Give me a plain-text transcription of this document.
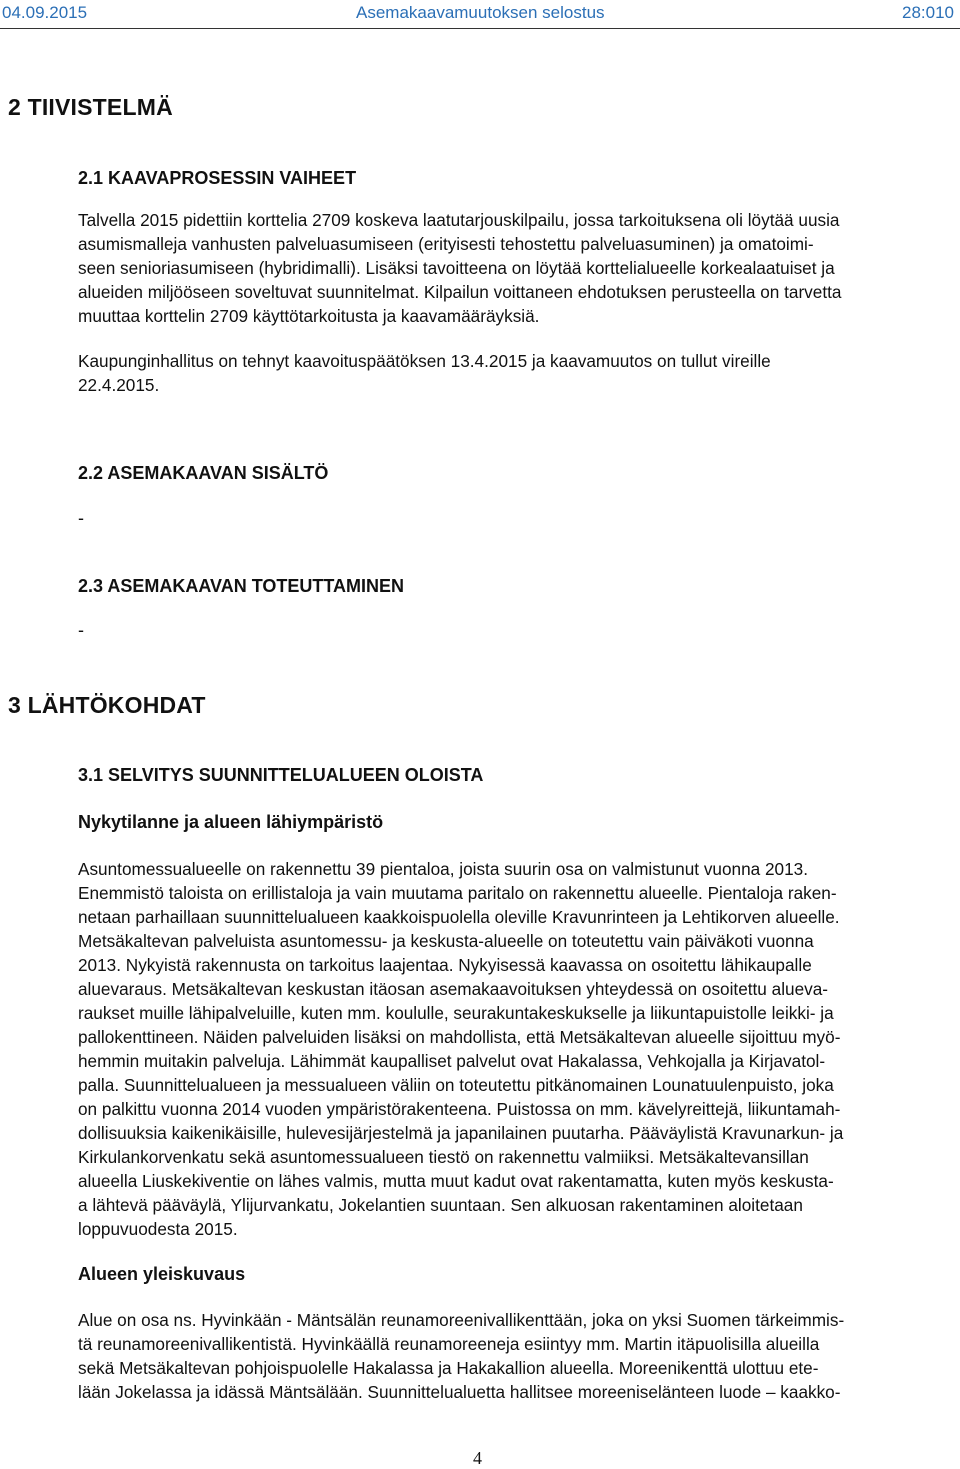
04.09.2015	Asemakaavamuutoksen selostus	28:010
2 TIIVISTELMÄ
2.1 KAAVAPROSESSIN VAIHEET
Talvella 2015 pidettiin korttelia 2709 koskeva laatutarjouskilpailu, jossa tarkoituksena oli löytää uusia
asumismalleja vanhusten palveluasumiseen (erityisesti tehostettu palveluasuminen) ja omatoimi-
seen senioriasumiseen (hybridimalli). Lisäksi tavoitteena on löytää korttelialueelle korkealaatuiset ja
alueiden miljööseen soveltuvat suunnitelmat. Kilpailun voittaneen ehdotuksen perusteella on tarvetta
muuttaa korttelin 2709 käyttötarkoitusta ja kaavamääräyksiä.
Kaupunginhallitus on tehnyt kaavoituspäätöksen 13.4.2015 ja kaavamuutos on tullut vireille
22.4.2015.
2.2 ASEMAKAAVAN SISÄLTÖ
-
2.3 ASEMAKAAVAN TOTEUTTAMINEN
-
3 LÄHTÖKOHDAT
3.1 SELVITYS SUUNNITTELUALUEEN OLOISTA
Nykytilanne ja alueen lähiympäristö
Asuntomessualueelle on rakennettu 39 pientaloa, joista suurin osa on valmistunut vuonna 2013.
Enemmistö taloista on erillistaloja ja vain muutama paritalo on rakennettu alueelle. Pientaloja raken-
netaan parhaillaan suunnittelualueen kaakkoispuolella oleville Kravunrinteen ja Lehtikorven alueelle.
Metsäkaltevan palveluista asuntomessu- ja keskusta-alueelle on toteutettu vain päiväkoti vuonna
2013. Nykyistä rakennusta on tarkoitus laajentaa. Nykyisessä kaavassa on osoitettu lähikaupalle
aluevaraus. Metsäkaltevan keskustan itäosan asemakaavoituksen yhteydessä on osoitettu alueva-
raukset muille lähipalveluille, kuten mm. koululle, seurakuntakeskukselle ja liikuntapuistolle leikki- ja
pallokenttineen. Näiden palveluiden lisäksi on mahdollista, että Metsäkaltevan alueelle sijoittuu myö-
hemmin muitakin palveluja. Lähimmät kaupalliset palvelut ovat Hakalassa, Vehkojalla ja Kirjavatol-
palla. Suunnittelualueen ja messualueen väliin on toteutettu pitkänomainen Lounatuulenpuisto, joka
on palkittu vuonna 2014 vuoden ympäristörakenteena. Puistossa on mm. kävelyreittejä, liikuntamah-
dollisuuksia kaikenikäisille, hulevesijärjestelmä ja japanilainen puutarha. Pääväylistä Kravunarkun- ja
Kirkulankorvenkatu sekä asuntomessualueen tiestö on rakennettu valmiiksi. Metsäkaltevansillan
alueella Liuskekiventie on lähes valmis, mutta muut kadut ovat rakentamatta, kuten myös keskusta-
a lähtevä pääväylä, Ylijurvankatu, Jokelantien suuntaan. Sen alkuosan rakentaminen aloitetaan
loppuvuodesta 2015.
Alueen yleiskuvaus
Alue on osa ns. Hyvinkään - Mäntsälän reunamoreenivallikenttään, joka on yksi Suomen tärkeimmis-
tä reunamoreenivallikentistä. Hyvinkäällä reunamoreeneja esiintyy mm. Martin itäpuolisilla alueilla
sekä Metsäkaltevan pohjoispuolelle Hakalassa ja Hakakallion alueella. Moreenikenttä ulottuu ete-
lään Jokelassa ja idässä Mäntsälään. Suunnittelualuetta hallitsee moreeniselänteen luode – kaakko-
4
